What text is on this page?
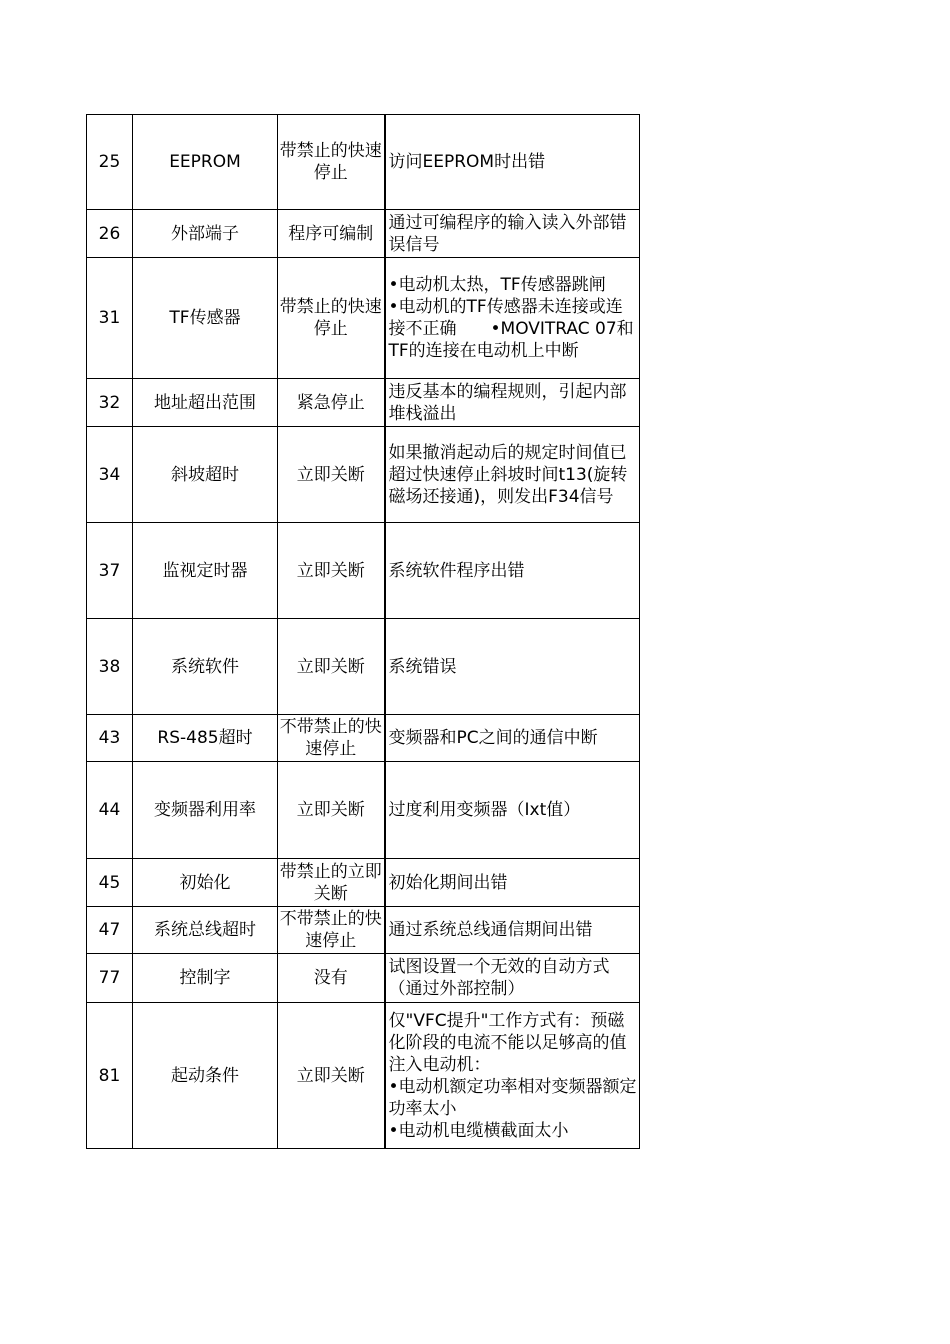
25	EEPROM	带禁止的快速停止	访问EEPROM时出错

26	外部端子	程序可编制	通过可编程序的输入读入外部错误信号

31	TF传感器	带禁止的快速停止	•电动机太热，TF传感器跳闸
•电动机的TF传感器未连接或连接不正确　　•MOVITRAC 07和TF的连接在电动机上中断

32	地址超出范围	紧急停止	违反基本的编程规则，引起内部堆栈溢出

34	斜坡超时	立即关断	如果撤消起动后的规定时间值已超过快速停止斜坡时间t13(旋转磁场还接通)，则发出F34信号

37	监视定时器	立即关断	系统软件程序出错

38	系统软件	立即关断	系统错误

43	RS-485超时	不带禁止的快速停止	变频器和PC之间的通信中断

44	变频器利用率	立即关断	过度利用变频器（Ixt值）

45	初始化	带禁止的立即关断	初始化期间出错

47	系统总线超时	不带禁止的快速停止	通过系统总线通信期间出错

77	控制字	没有	试图设置一个无效的自动方式（通过外部控制）

81	起动条件	立即关断	仅"VFC提升"工作方式有：预磁化阶段的电流不能以足够高的值注入电动机：
•电动机额定功率相对变频器额定功率太小
•电动机电缆横截面太小
